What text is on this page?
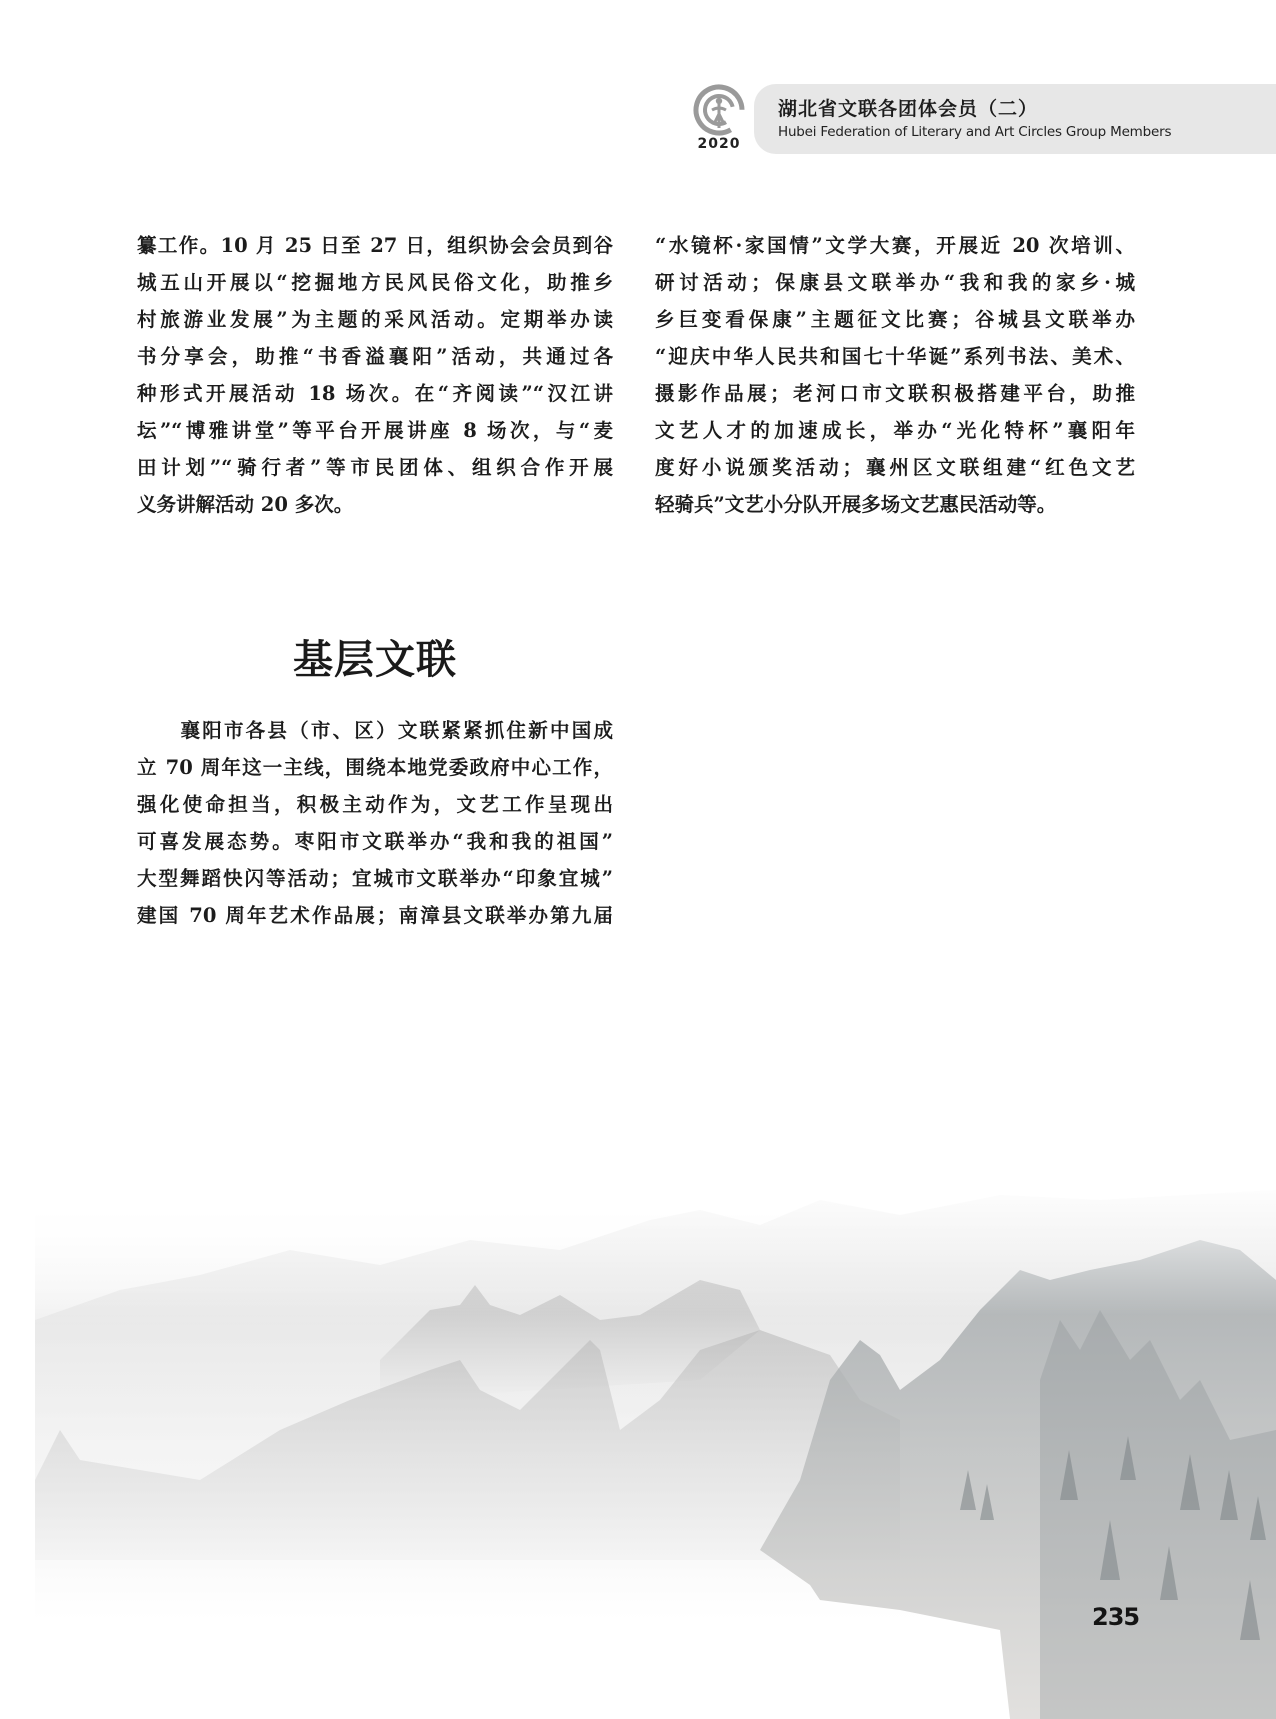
2020
湖北省文联各团体会员（二）
Hubei Federation of Literary and Art Circles Group Members
纂工作。10 月 25 日至 27 日，组织协会会员到谷
城五山开展以“挖掘地方民风民俗文化，助推乡
村旅游业发展”为主题的采风活动。定期举办读
书分享会，助推“书香溢襄阳”活动，共通过各
种形式开展活动 18 场次。在“齐阅读”“汉江讲
坛”“博雅讲堂”等平台开展讲座 8 场次，与“麦
田计划”“骑行者”等市民团体、组织合作开展
义务讲解活动 20 多次。
“水镜杯·家国情”文学大赛，开展近 20 次培训、
研讨活动；保康县文联举办“我和我的家乡·城
乡巨变看保康”主题征文比赛；谷城县文联举办
“迎庆中华人民共和国七十华诞”系列书法、美术、
摄影作品展；老河口市文联积极搭建平台，助推
文艺人才的加速成长，举办“光化特杯”襄阳年
度好小说颁奖活动；襄州区文联组建“红色文艺
轻骑兵”文艺小分队开展多场文艺惠民活动等。
基层文联
　　襄阳市各县（市、区）文联紧紧抓住新中国成
立 70 周年这一主线，围绕本地党委政府中心工作，
强化使命担当，积极主动作为，文艺工作呈现出
可喜发展态势。枣阳市文联举办“我和我的祖国”
大型舞蹈快闪等活动；宜城市文联举办“印象宜城”
建国 70 周年艺术作品展；南漳县文联举办第九届
235
